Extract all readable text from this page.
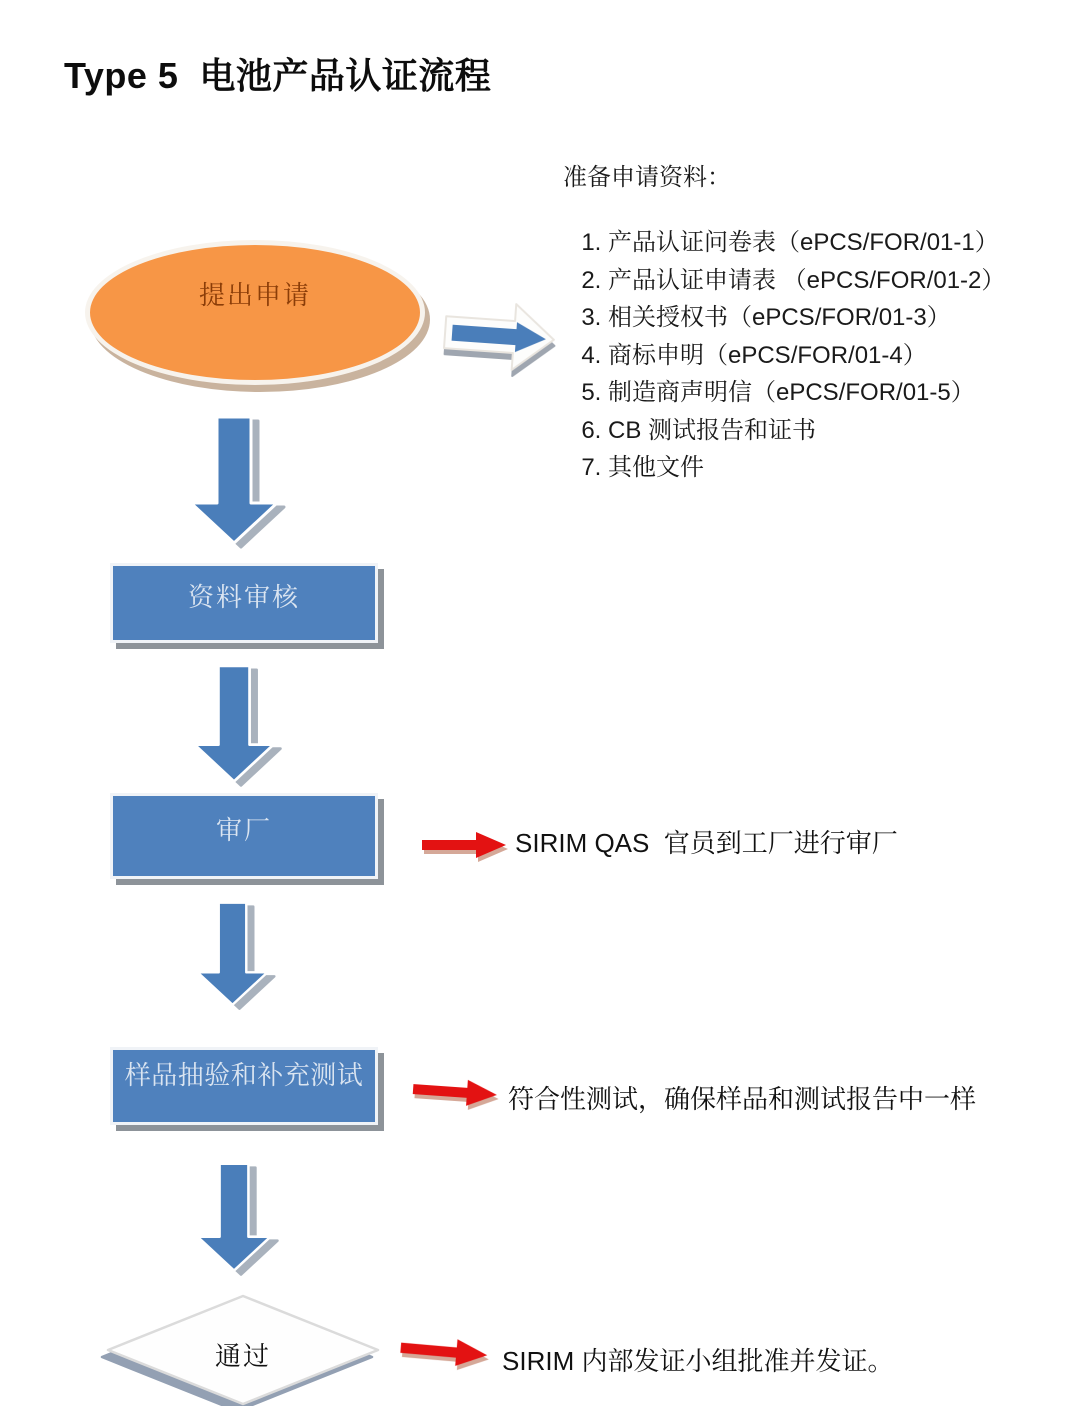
Type 5  电池产品认证流程
准备申请资料：
1. 产品认证问卷表（ePCS/FOR/01-1）
2. 产品认证申请表 （ePCS/FOR/01-2）
3. 相关授权书（ePCS/FOR/01-3）
4. 商标申明（ePCS/FOR/01-4）
5. 制造商声明信（ePCS/FOR/01-5）
6. CB 测试报告和证书
7. 其他文件
提出申请
资料审核
审厂	SIRIM QAS  官员到工厂进行审厂
样品抽验和补充测试
符合性测试，确保样品和测试报告中一样
通过	SIRIM 内部发证小组批准并发证。
